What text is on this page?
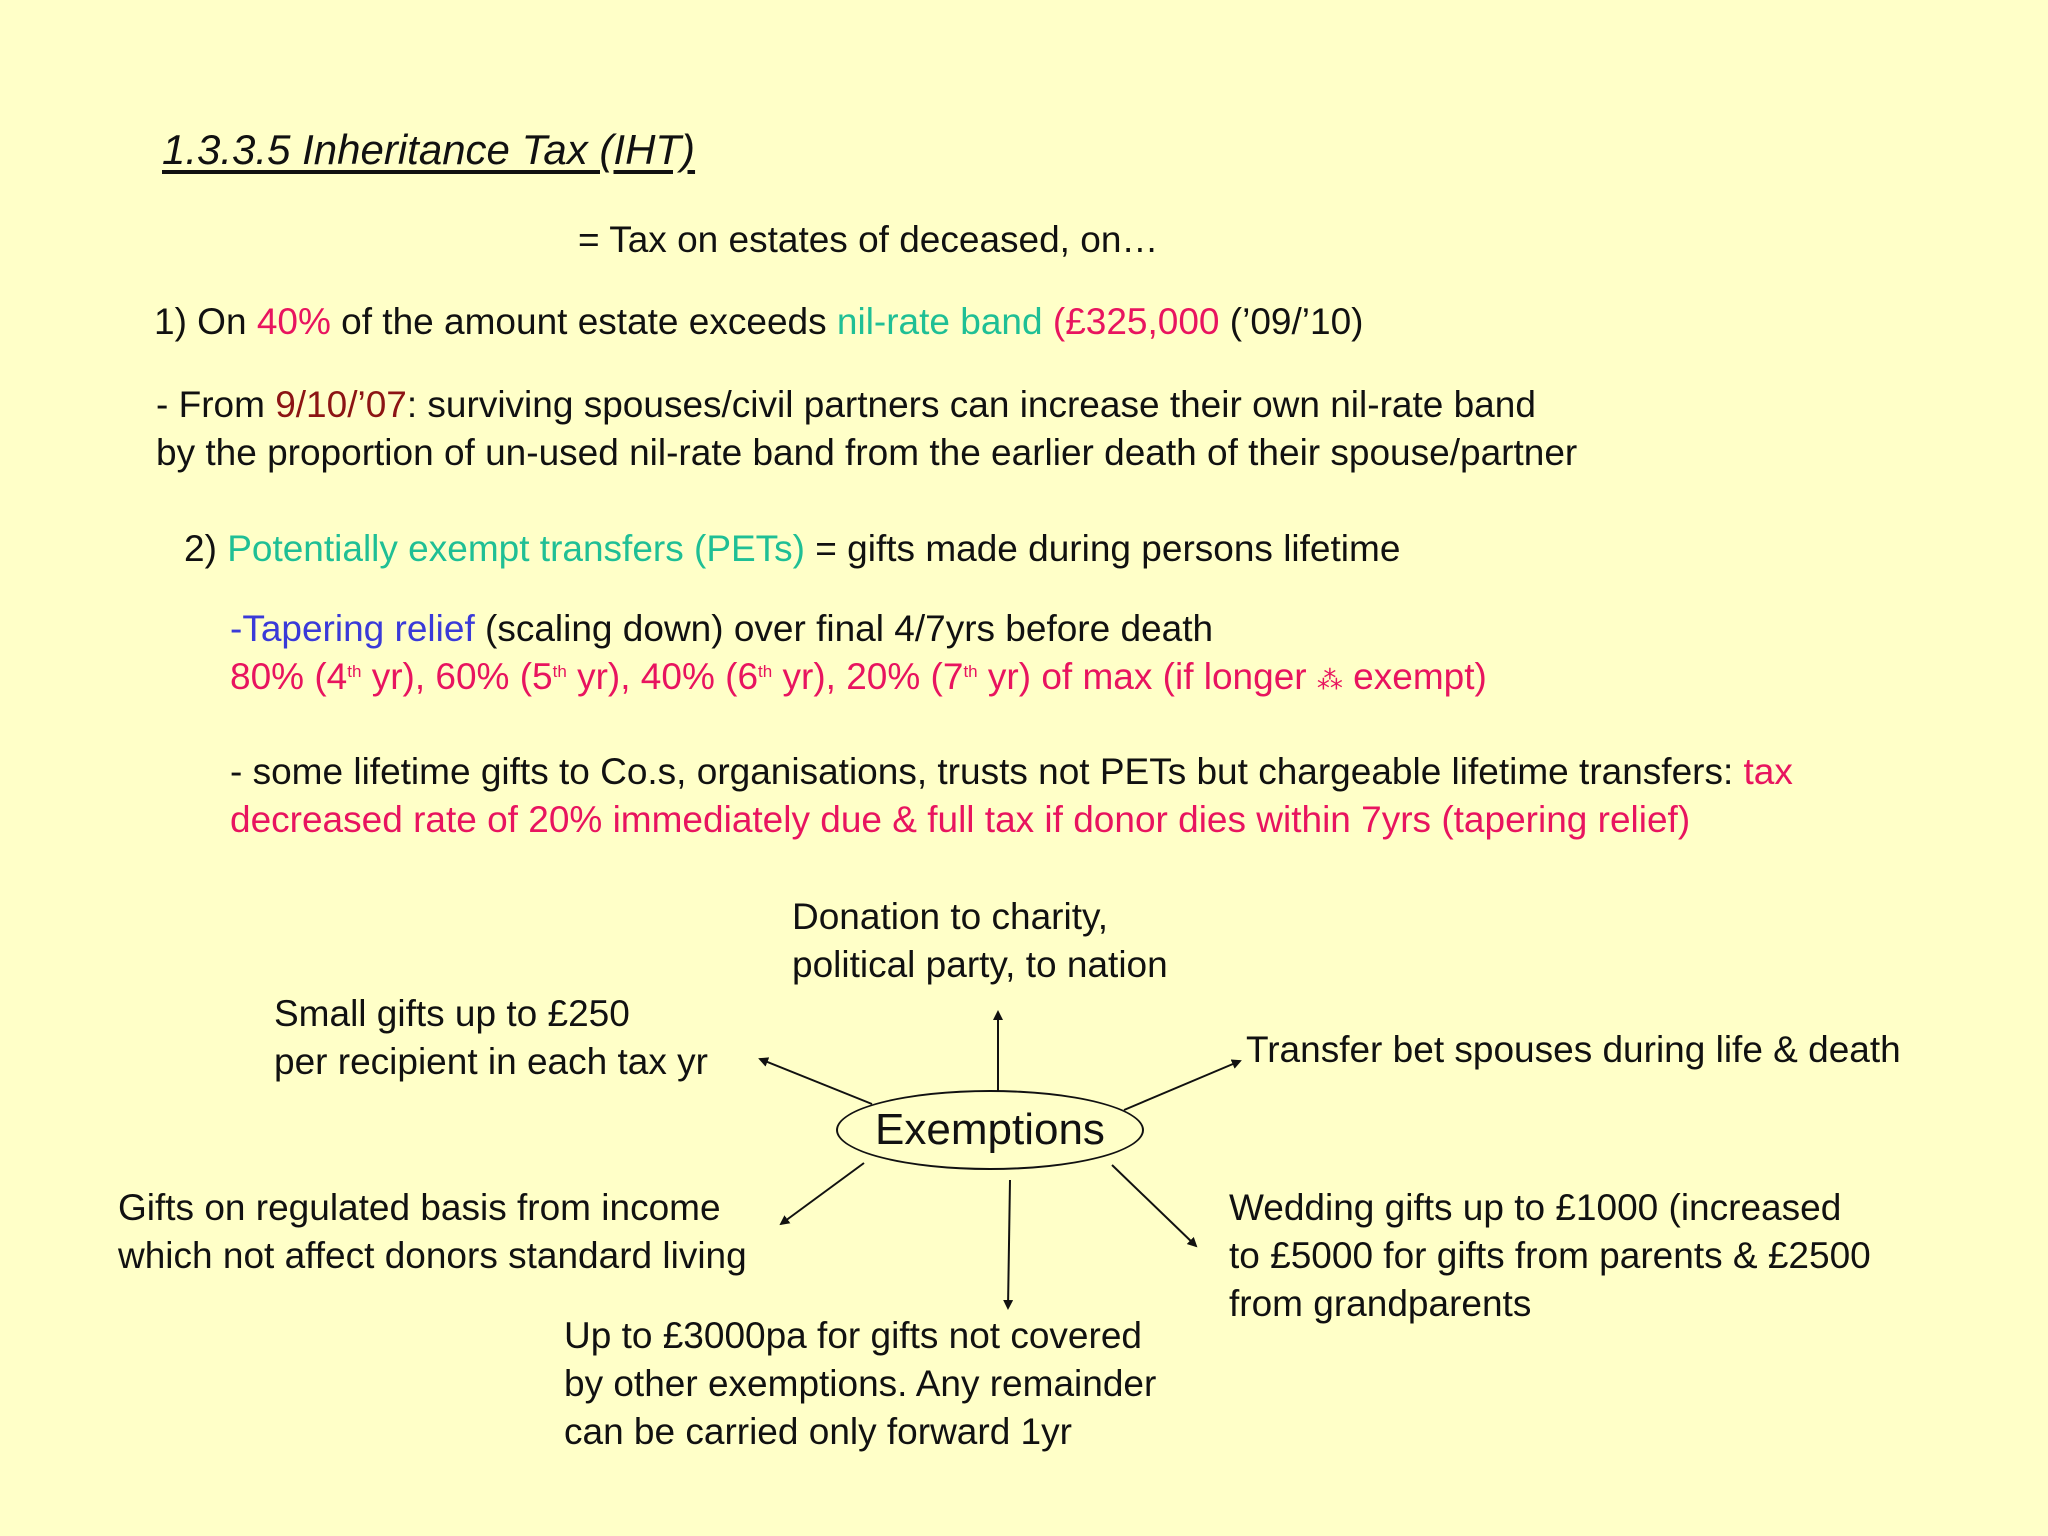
1.3.3.5 Inheritance Tax (IHT)
= Tax on estates of deceased, on…
1) On 40% of the amount estate exceeds nil-rate band (£325,000 (’09/’10)
- From 9/10/’07: surviving spouses/civil partners can increase their own nil-rate band
by the proportion of un-used nil-rate band from the earlier death of their spouse/partner
2) Potentially exempt transfers (PETs) = gifts made during persons lifetime
-Tapering relief (scaling down) over final 4/7yrs before death
80% (4th yr), 60% (5th yr), 40% (6th yr), 20% (7th yr) of max (if longer ⁂ exempt)
- some lifetime gifts to Co.s, organisations, trusts not PETs but chargeable lifetime transfers: tax
decreased rate of 20% immediately due & full tax if donor dies within 7yrs (tapering relief)
Exemptions
Donation to charity,
political party, to nation
Small gifts up to £250
per recipient in each tax yr	Transfer bet spouses during life & death
Gifts on regulated basis from income
which not affect donors standard living
Wedding gifts up to £1000 (increased
to £5000 for gifts from parents & £2500
from grandparents
Up to £3000pa for gifts not covered
by other exemptions. Any remainder
can be carried only forward 1yr
